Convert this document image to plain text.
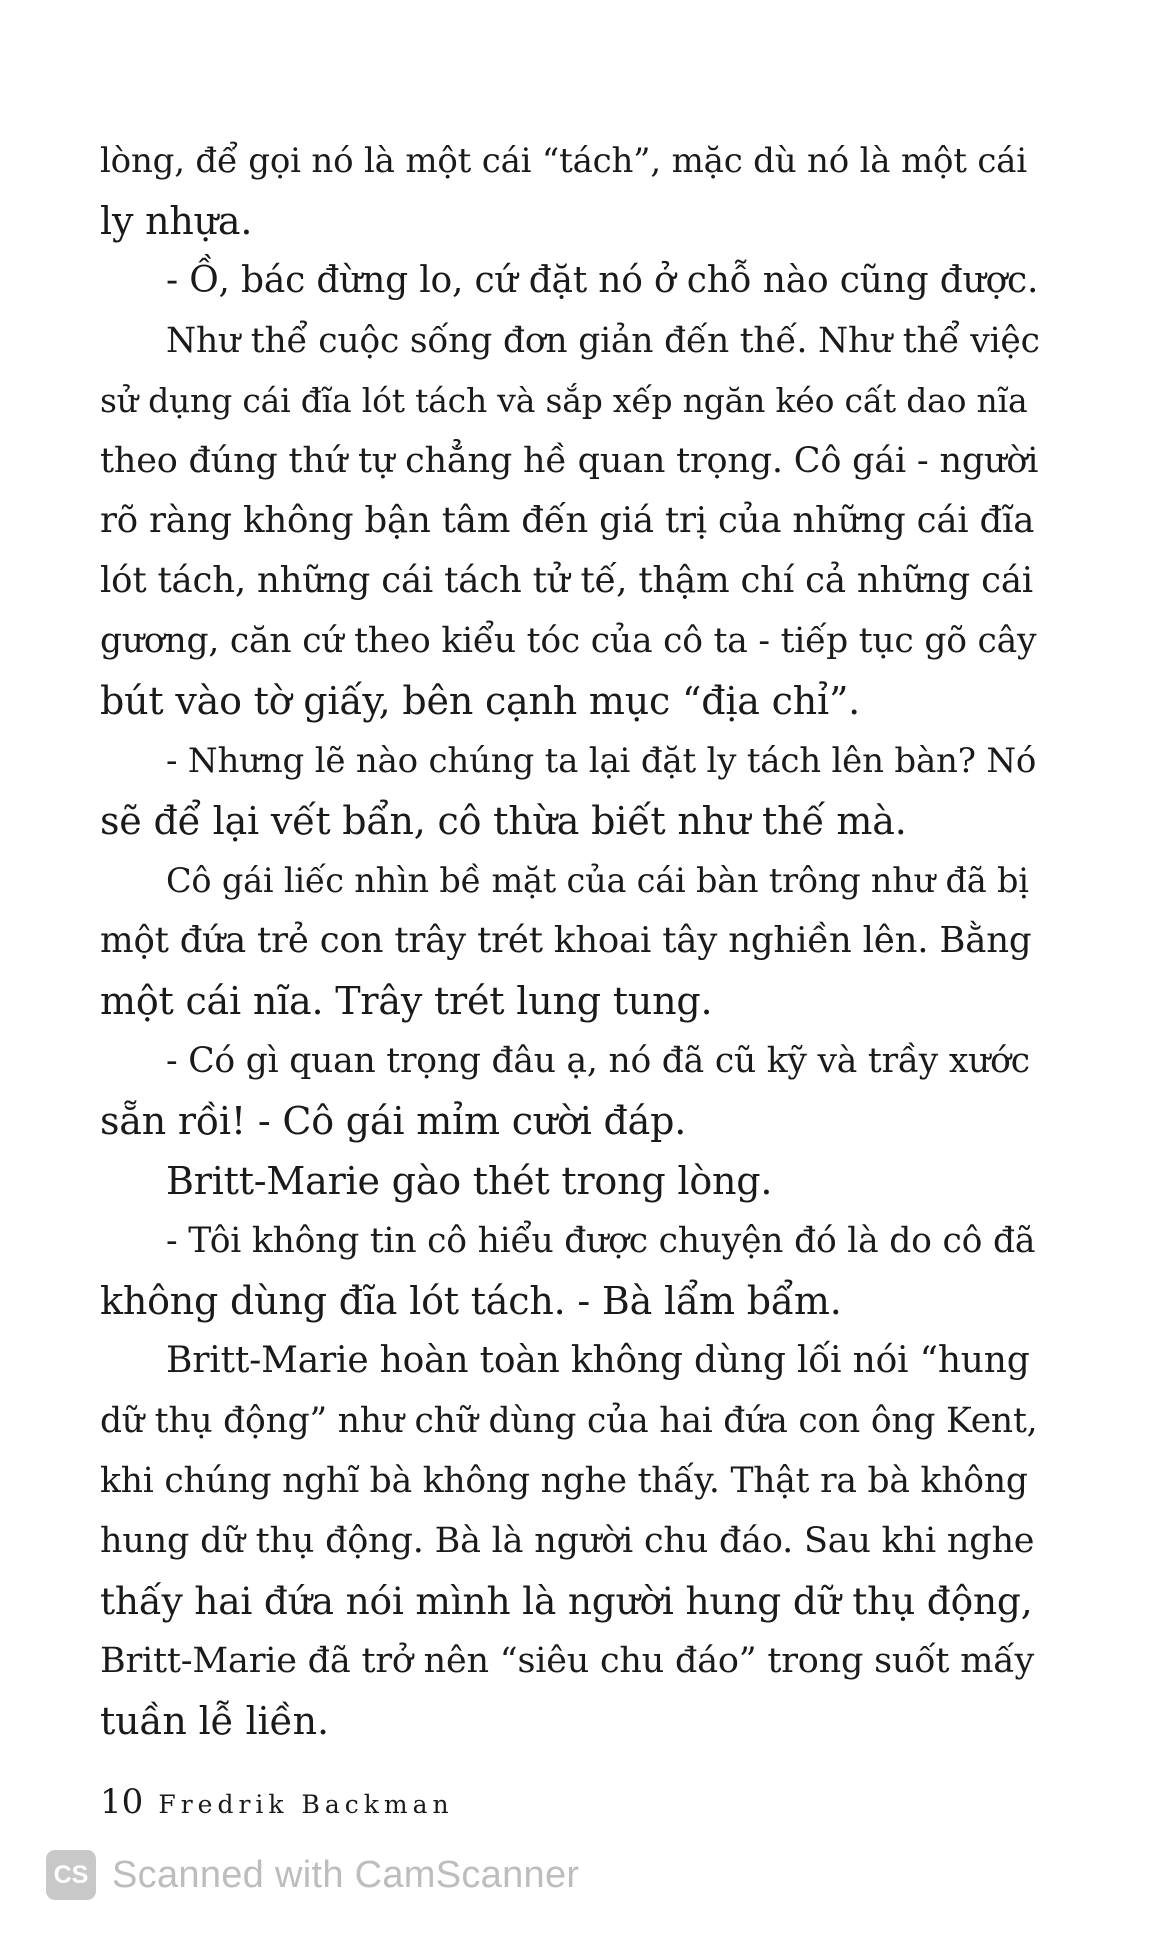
lòng, để gọi nó là một cái “tách”, mặc dù nó là một cái
ly nhựa.
- Ồ, bác đừng lo, cứ đặt nó ở chỗ nào cũng được.
Như thể cuộc sống đơn giản đến thế. Như thể việc
sử dụng cái đĩa lót tách và sắp xếp ngăn kéo cất dao nĩa
theo đúng thứ tự chẳng hề quan trọng. Cô gái - người
rõ ràng không bận tâm đến giá trị của những cái đĩa
lót tách, những cái tách tử tế, thậm chí cả những cái
gương, căn cứ theo kiểu tóc của cô ta - tiếp tục gõ cây
bút vào tờ giấy, bên cạnh mục “địa chỉ”.
- Nhưng lẽ nào chúng ta lại đặt ly tách lên bàn? Nó
sẽ để lại vết bẩn, cô thừa biết như thế mà.
Cô gái liếc nhìn bề mặt của cái bàn trông như đã bị
một đứa trẻ con trây trét khoai tây nghiền lên. Bằng
một cái nĩa. Trây trét lung tung.
- Có gì quan trọng đâu ạ, nó đã cũ kỹ và trầy xước
sẵn rồi! - Cô gái mỉm cười đáp.
Britt-Marie gào thét trong lòng.
- Tôi không tin cô hiểu được chuyện đó là do cô đã
không dùng đĩa lót tách. - Bà lẩm bẩm.
Britt-Marie hoàn toàn không dùng lối nói “hung
dữ thụ động” như chữ dùng của hai đứa con ông Kent,
khi chúng nghĩ bà không nghe thấy. Thật ra bà không
hung dữ thụ động. Bà là người chu đáo. Sau khi nghe
thấy hai đứa nói mình là người hung dữ thụ động,
Britt-Marie đã trở nên “siêu chu đáo” trong suốt mấy
tuần lễ liền.
10 Fredrik Backman
CS Scanned with CamScanner
